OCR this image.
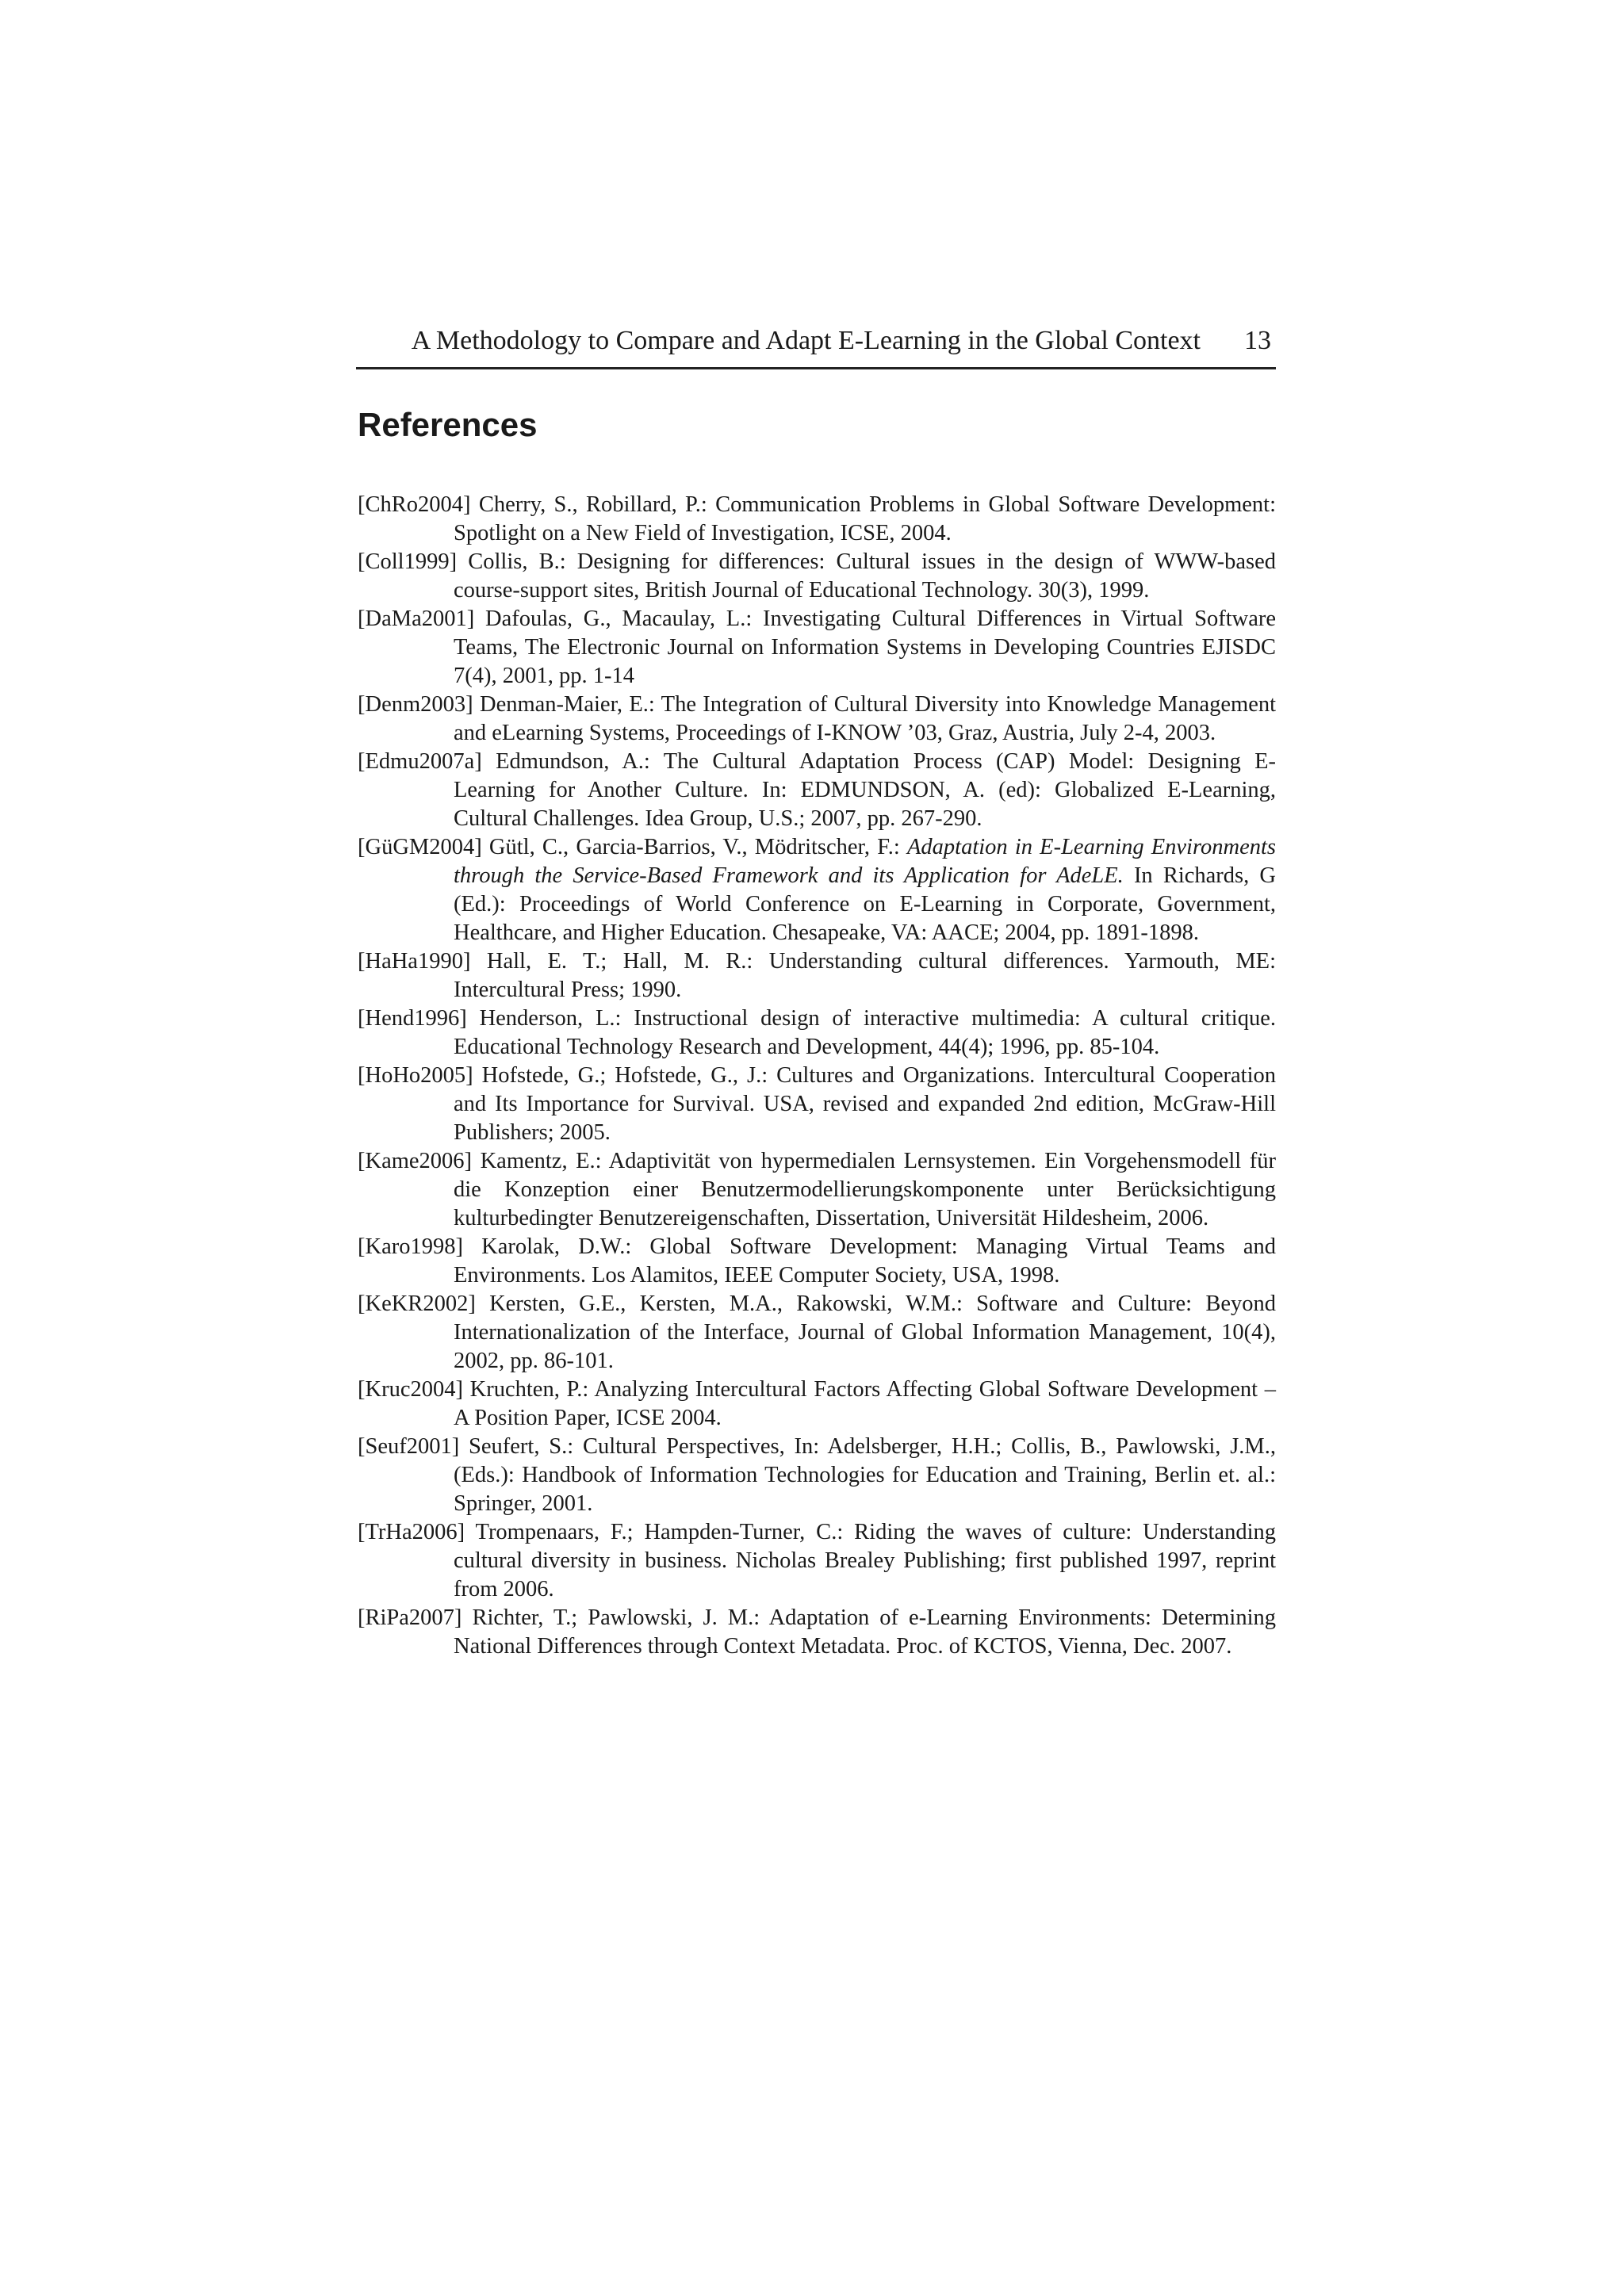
A Methodology to Compare and Adapt E-Learning in the Global Context 13
References
[ChRo2004] Cherry, S., Robillard, P.: Communication Problems in Global Software Development: Spotlight on a New Field of Investigation, ICSE, 2004.
[Coll1999] Collis, B.: Designing for differences: Cultural issues in the design of WWW-based course-support sites, British Journal of Educational Technology. 30(3), 1999.
[DaMa2001] Dafoulas, G., Macaulay, L.: Investigating Cultural Differences in Virtual Software Teams, The Electronic Journal on Information Systems in Developing Countries EJISDC 7(4), 2001, pp. 1-14
[Denm2003] Denman-Maier, E.: The Integration of Cultural Diversity into Knowledge Management and eLearning Systems, Proceedings of I-KNOW ’03, Graz, Austria, July 2-4, 2003.
[Edmu2007a] Edmundson, A.: The Cultural Adaptation Process (CAP) Model: Designing E-Learning for Another Culture. In: EDMUNDSON, A. (ed): Globalized E-Learning, Cultural Challenges. Idea Group, U.S.; 2007, pp. 267-290.
[GüGM2004] Gütl, C., Garcia-Barrios, V., Mödritscher, F.: Adaptation in E-Learning Environments through the Service-Based Framework and its Application for AdeLE. In Richards, G (Ed.): Proceedings of World Conference on E-Learning in Corporate, Government, Healthcare, and Higher Education. Chesapeake, VA: AACE; 2004, pp. 1891-1898.
[HaHa1990] Hall, E. T.; Hall, M. R.: Understanding cultural differences. Yarmouth, ME: Intercultural Press; 1990.
[Hend1996] Henderson, L.: Instructional design of interactive multimedia: A cultural critique. Educational Technology Research and Development, 44(4); 1996, pp. 85-104.
[HoHo2005] Hofstede, G.; Hofstede, G., J.: Cultures and Organizations. Intercultural Cooperation and Its Importance for Survival. USA, revised and expanded 2nd edition, McGraw-Hill Publishers; 2005.
[Kame2006] Kamentz, E.: Adaptivität von hypermedialen Lernsystemen. Ein Vorgehensmodell für die Konzeption einer Benutzermodellierungskomponente unter Berücksichtigung kulturbedingter Benutzereigenschaften, Dissertation, Universität Hildesheim, 2006.
[Karo1998] Karolak, D.W.: Global Software Development: Managing Virtual Teams and Environments. Los Alamitos, IEEE Computer Society, USA, 1998.
[KeKR2002] Kersten, G.E., Kersten, M.A., Rakowski, W.M.: Software and Culture: Beyond Internationalization of the Interface, Journal of Global Information Management, 10(4), 2002, pp. 86-101.
[Kruc2004] Kruchten, P.: Analyzing Intercultural Factors Affecting Global Software Development – A Position Paper, ICSE 2004.
[Seuf2001] Seufert, S.: Cultural Perspectives, In: Adelsberger, H.H.; Collis, B., Pawlowski, J.M., (Eds.): Handbook of Information Technologies for Education and Training, Berlin et. al.: Springer, 2001.
[TrHa2006] Trompenaars, F.; Hampden-Turner, C.: Riding the waves of culture: Understanding cultural diversity in business. Nicholas Brealey Publishing; first published 1997, reprint from 2006.
[RiPa2007] Richter, T.; Pawlowski, J. M.: Adaptation of e-Learning Environments: Determining National Differences through Context Metadata. Proc. of KCTOS, Vienna, Dec. 2007.
